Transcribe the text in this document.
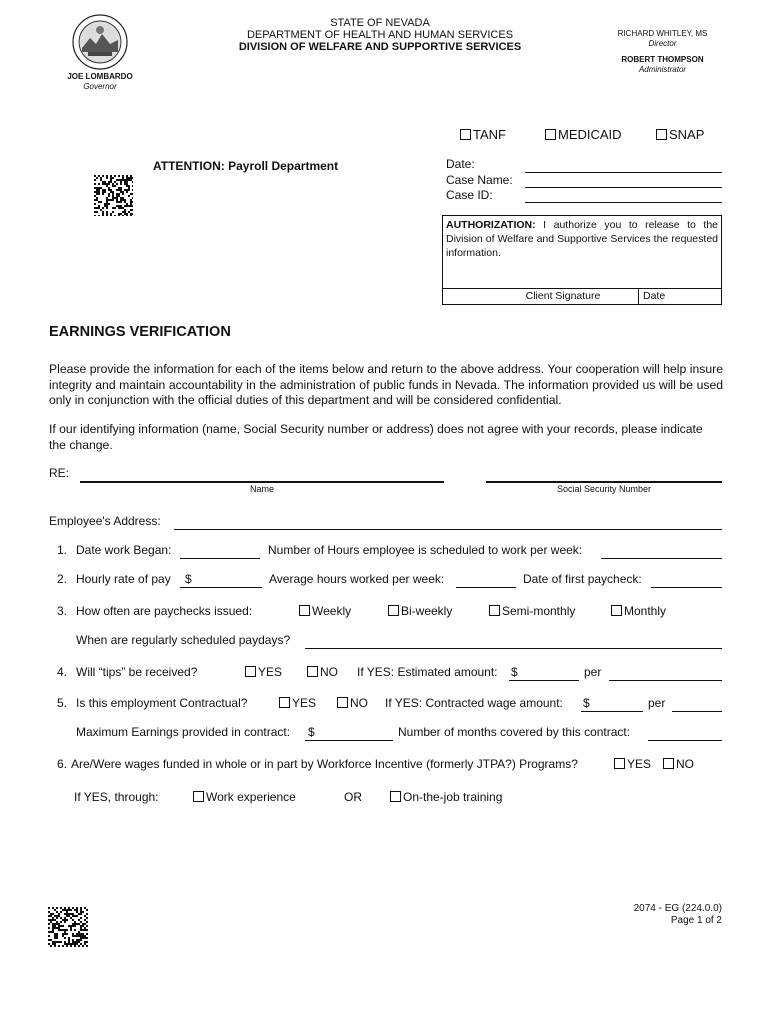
STATE OF NEVADA
DEPARTMENT OF HEALTH AND HUMAN SERVICES
DIVISION OF WELFARE AND SUPPORTIVE SERVICES
JOE LOMBARDO
Governor
RICHARD WHITLEY, MS
Director
ROBERT THOMPSON
Administrator
TANF	MEDICAID	SNAP
ATTENTION: Payroll Department	Date:
Case Name:
Case ID:
AUTHORIZATION: I authorize you to release to the Division of Welfare and Supportive Services the requested information.
Client Signature	Date
EARNINGS VERIFICATION
Please provide the information for each of the items below and return to the above address. Your cooperation will help insure integrity and maintain accountability in the administration of public funds in Nevada. The information provided us will be used only in conjunction with the official duties of this department and will be considered confidential.
If our identifying information (name, Social Security number or address) does not agree with your records, please indicate the change.
RE:
Name	Social Security Number
Employee's Address:
1. Date work Began:	Number of Hours employee is scheduled to work per week:
2. Hourly rate of pay $	Average hours worked per week:	Date of first paycheck:
3. How often are paychecks issued:	Weekly	Bi-weekly	Semi-monthly	Monthly
When are regularly scheduled paydays?
4. Will “tips” be received?	YES	NO If YES: Estimated amount: $	per
5. Is this employment Contractual?	YES	NO If YES: Contracted wage amount: $	per
Maximum Earnings provided in contract: $	Number of months covered by this contract:
6. Are/Were wages funded in whole or in part by Workforce Incentive (formerly JTPA?) Programs?	YES	NO
If YES, through:	Work experience	OR	On-the-job training
2074 - EG (224.0.0)
Page 1 of 2
